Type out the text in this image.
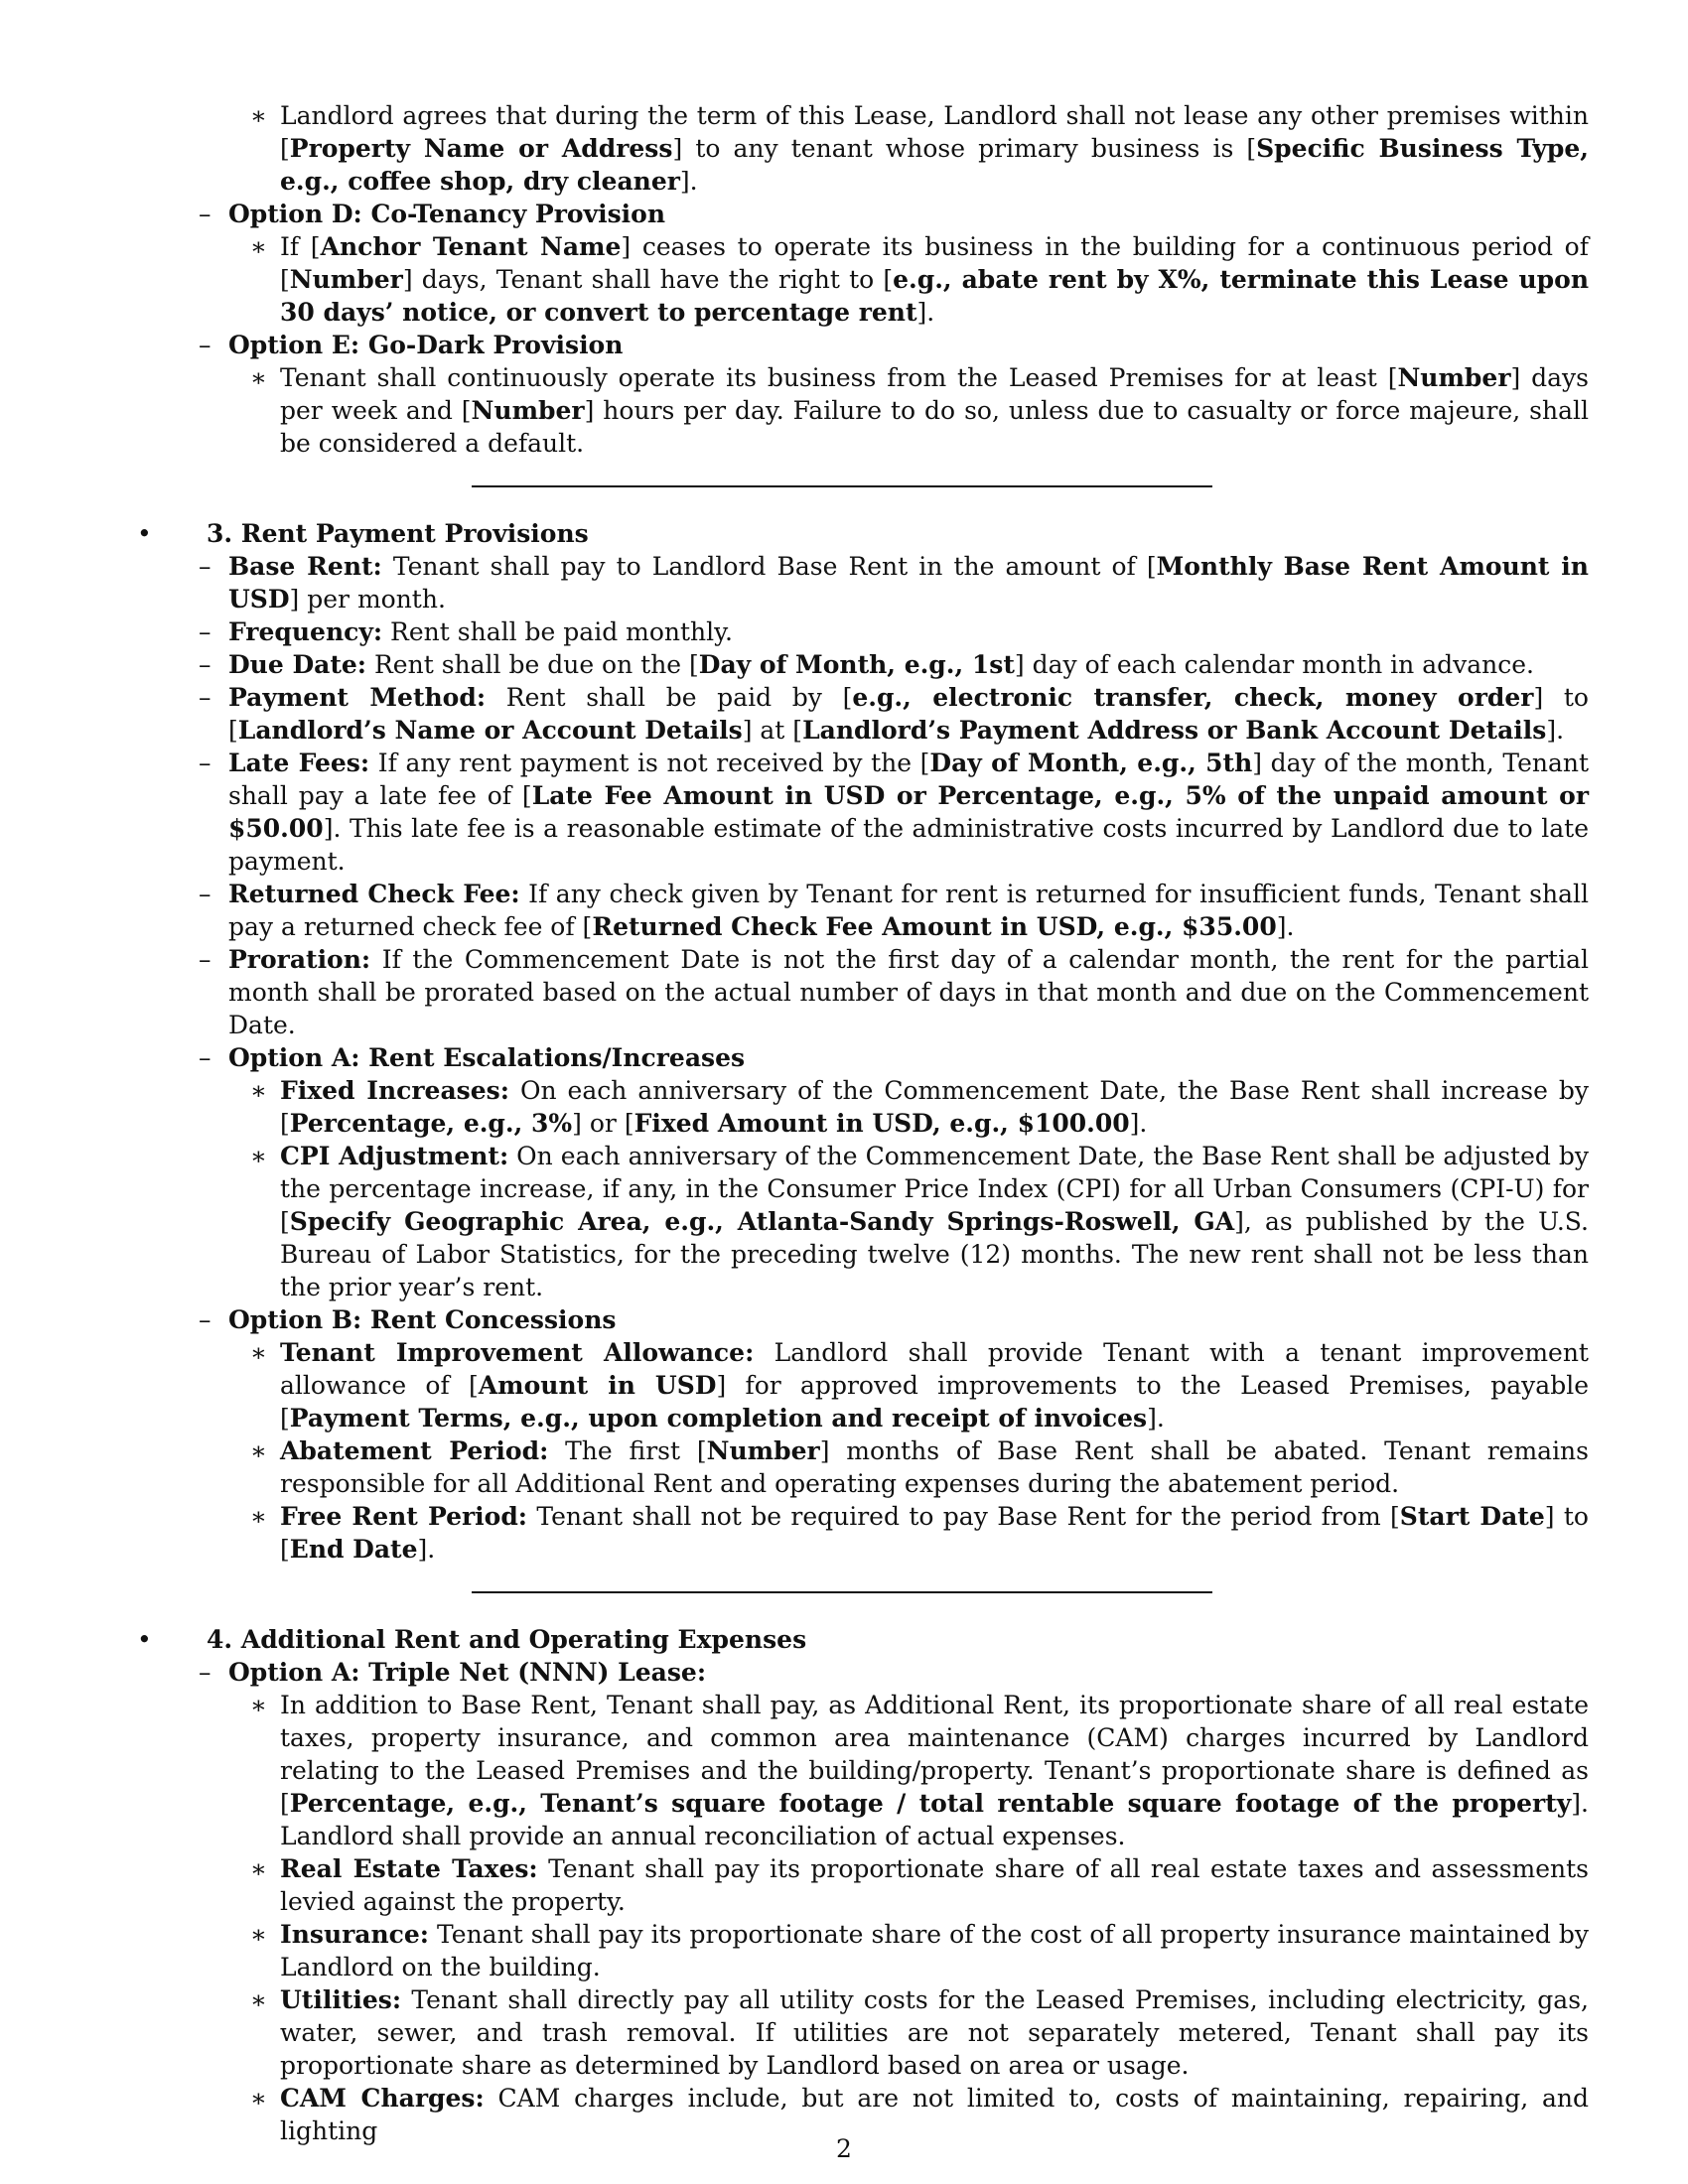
∗ Landlord agrees that during the term of this Lease, Landlord shall not lease any other premises within [Property Name or Address] to any tenant whose primary business is [Specific Business Type, e.g., coffee shop, dry cleaner].
– Option D: Co-Tenancy Provision
∗ If [Anchor Tenant Name] ceases to operate its business in the building for a continuous period of [Number] days, Tenant shall have the right to [e.g., abate rent by X%, terminate this Lease upon 30 days’ notice, or convert to percentage rent].
– Option E: Go-Dark Provision
∗ Tenant shall continuously operate its business from the Leased Premises for at least [Number] days per week and [Number] hours per day. Failure to do so, unless due to casualty or force majeure, shall be considered a default.
• 3. Rent Payment Provisions
– Base Rent: Tenant shall pay to Landlord Base Rent in the amount of [Monthly Base Rent Amount in USD] per month.
– Frequency: Rent shall be paid monthly.
– Due Date: Rent shall be due on the [Day of Month, e.g., 1st] day of each calendar month in advance.
– Payment Method: Rent shall be paid by [e.g., electronic transfer, check, money order] to [Landlord’s Name or Account Details] at [Landlord’s Payment Address or Bank Account Details].
– Late Fees: If any rent payment is not received by the [Day of Month, e.g., 5th] day of the month, Tenant shall pay a late fee of [Late Fee Amount in USD or Percentage, e.g., 5% of the unpaid amount or $50.00]. This late fee is a reasonable estimate of the administrative costs incurred by Landlord due to late payment.
– Returned Check Fee: If any check given by Tenant for rent is returned for insufficient funds, Tenant shall pay a returned check fee of [Returned Check Fee Amount in USD, e.g., $35.00].
– Proration: If the Commencement Date is not the first day of a calendar month, the rent for the partial month shall be prorated based on the actual number of days in that month and due on the Commencement Date.
– Option A: Rent Escalations/Increases
∗ Fixed Increases: On each anniversary of the Commencement Date, the Base Rent shall increase by [Percentage, e.g., 3%] or [Fixed Amount in USD, e.g., $100.00].
∗ CPI Adjustment: On each anniversary of the Commencement Date, the Base Rent shall be adjusted by the percentage increase, if any, in the Consumer Price Index (CPI) for all Urban Consumers (CPI-U) for [Specify Geographic Area, e.g., Atlanta-Sandy Springs-Roswell, GA], as published by the U.S. Bureau of Labor Statistics, for the preceding twelve (12) months. The new rent shall not be less than the prior year’s rent.
– Option B: Rent Concessions
∗ Tenant Improvement Allowance: Landlord shall provide Tenant with a tenant improvement allowance of [Amount in USD] for approved improvements to the Leased Premises, payable [Payment Terms, e.g., upon completion and receipt of invoices].
∗ Abatement Period: The first [Number] months of Base Rent shall be abated. Tenant remains responsible for all Additional Rent and operating expenses during the abatement period.
∗ Free Rent Period: Tenant shall not be required to pay Base Rent for the period from [Start Date] to [End Date].
• 4. Additional Rent and Operating Expenses
– Option A: Triple Net (NNN) Lease:
∗ In addition to Base Rent, Tenant shall pay, as Additional Rent, its proportionate share of all real estate taxes, property insurance, and common area maintenance (CAM) charges incurred by Landlord relating to the Leased Premises and the building/property. Tenant’s proportionate share is defined as [Percentage, e.g., Tenant’s square footage / total rentable square footage of the property]. Landlord shall provide an annual reconciliation of actual expenses.
∗ Real Estate Taxes: Tenant shall pay its proportionate share of all real estate taxes and assessments levied against the property.
∗ Insurance: Tenant shall pay its proportionate share of the cost of all property insurance maintained by Landlord on the building.
∗ Utilities: Tenant shall directly pay all utility costs for the Leased Premises, including electricity, gas, water, sewer, and trash removal. If utilities are not separately metered, Tenant shall pay its proportionate share as determined by Landlord based on area or usage.
∗ CAM Charges: CAM charges include, but are not limited to, costs of maintaining, repairing, and lighting
2
